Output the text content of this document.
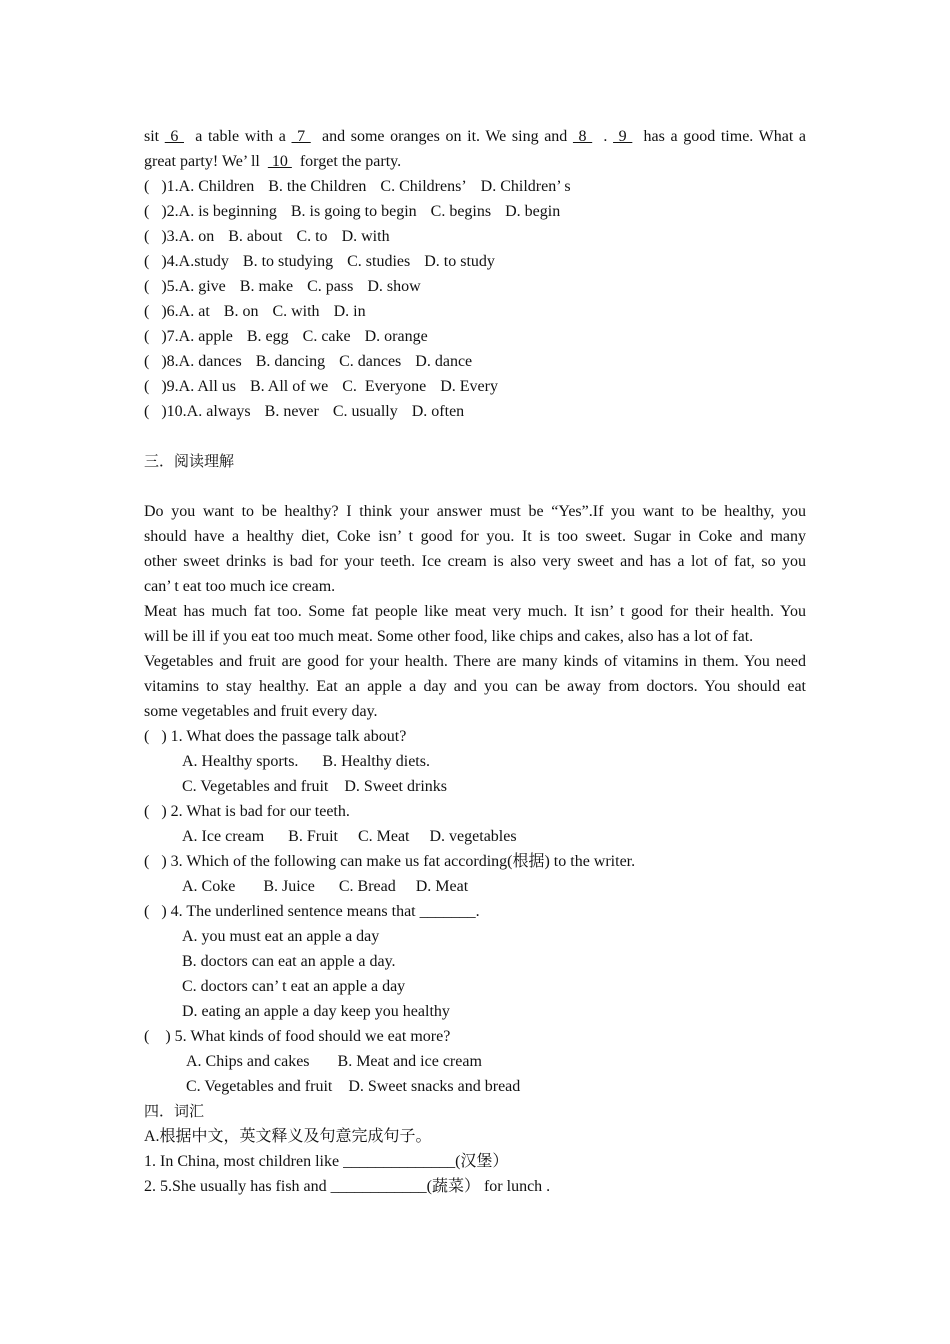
sit  6   a table with a  7   and some oranges on it. We sing and  8   .  9   has a good time. What a
great party! We’ ll   10   forget the party.
(   )1.A. Children B. the Children C. Childrens’ D. Children’ s
(   )2.A. is beginning B. is going to begin C. begins D. begin
(   )3.A. on B. about C. to D. with
(   )4.A.study B. to studying C. studies D. to study
(   )5.A. give B. make C. pass D. show
(   )6.A. at B. on C. with D. in
(   )7.A. apple B. egg C. cake D. orange
(   )8.A. dances B. dancing C. dances D. dance
(   )9.A. All us B. All of we C.  Everyone D. Every
(   )10.A. always B. never C. usually D. often
三．阅读理解
Do you want to be healthy? I think your answer must be “Yes”.If you want to be healthy, you
should have a healthy diet, Coke isn’ t good for you. It is too sweet. Sugar in Coke and many
other sweet drinks is bad for your teeth. Ice cream is also very sweet and has a lot of fat, so you
can’ t eat too much ice cream.
Meat has much fat too. Some fat people like meat very much. It isn’ t good for their health. You
will be ill if you eat too much meat. Some other food, like chips and cakes, also has a lot of fat.
Vegetables and fruit are good for your health. There are many kinds of vitamins in them. You need
vitamins to stay healthy. Eat an apple a day and you can be away from doctors. You should eat
some vegetables and fruit every day.
(   ) 1. What does the passage talk about?
A. Healthy sports.      B. Healthy diets.
C. Vegetables and fruit    D. Sweet drinks
(   ) 2. What is bad for our teeth.
A. Ice cream      B. Fruit     C. Meat     D. vegetables
(   ) 3. Which of the following can make us fat according(根据) to the writer.
A. Coke       B. Juice      C. Bread     D. Meat
(   ) 4. The underlined sentence means that _______.
A. you must eat an apple a day
B. doctors can eat an apple a day.
C. doctors can’ t eat an apple a day
D. eating an apple a day keep you healthy
(    ) 5. What kinds of food should we eat more?
A. Chips and cakes       B. Meat and ice cream
C. Vegetables and fruit    D. Sweet snacks and bread
四．词汇
A.根据中文，英文释义及句意完成句子。
1. In China, most children like ______________(汉堡）
2. 5.She usually has fish and ____________(蔬菜） for lunch .
